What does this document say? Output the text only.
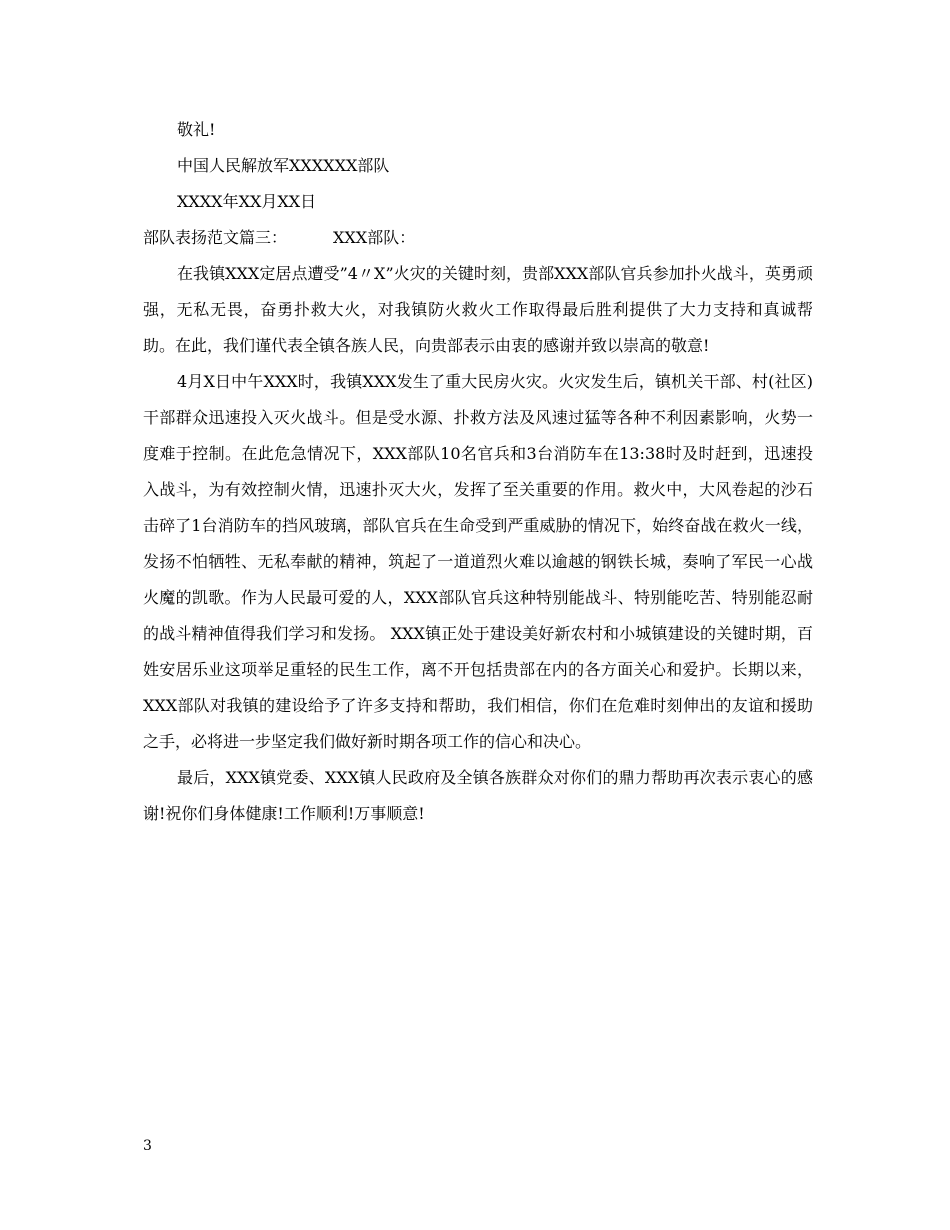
敬礼!

中国人民解放军XXXXXX部队

XXXX年XX月XX日

部队表扬范文篇三：	XXX部队：

在我镇XXX定居点遭受”4〃X”火灾的关键时刻，贵部XXX部队官兵参加扑火战斗，英勇顽强，无私无畏，奋勇扑救大火，对我镇防火救火工作取得最后胜利提供了大力支持和真诚帮助。在此，我们谨代表全镇各族人民，向贵部表示由衷的感谢并致以崇高的敬意!

4月X日中午XXX时，我镇XXX发生了重大民房火灾。火灾发生后，镇机关干部、村(社区)干部群众迅速投入灭火战斗。但是受水源、扑救方法及风速过猛等各种不利因素影响，火势一度难于控制。在此危急情况下，XXX部队10名官兵和3台消防车在13:38时及时赶到，迅速投入战斗，为有效控制火情，迅速扑灭大火，发挥了至关重要的作用。救火中，大风卷起的沙石击碎了1台消防车的挡风玻璃，部队官兵在生命受到严重威胁的情况下，始终奋战在救火一线，发扬不怕牺牲、无私奉献的精神，筑起了一道道烈火难以逾越的钢铁长城，奏响了军民一心战火魔的凯歌。作为人民最可爱的人，XXX部队官兵这种特别能战斗、特别能吃苦、特别能忍耐的战斗精神值得我们学习和发扬。 XXX镇正处于建设美好新农村和小城镇建设的关键时期，百姓安居乐业这项举足重轻的民生工作，离不开包括贵部在内的各方面关心和爱护。长期以来，XXX部队对我镇的建设给予了许多支持和帮助，我们相信，你们在危难时刻伸出的友谊和援助之手，必将进一步坚定我们做好新时期各项工作的信心和决心。

最后，XXX镇党委、XXX镇人民政府及全镇各族群众对你们的鼎力帮助再次表示衷心的感谢!祝你们身体健康!工作顺利!万事顺意!

3
